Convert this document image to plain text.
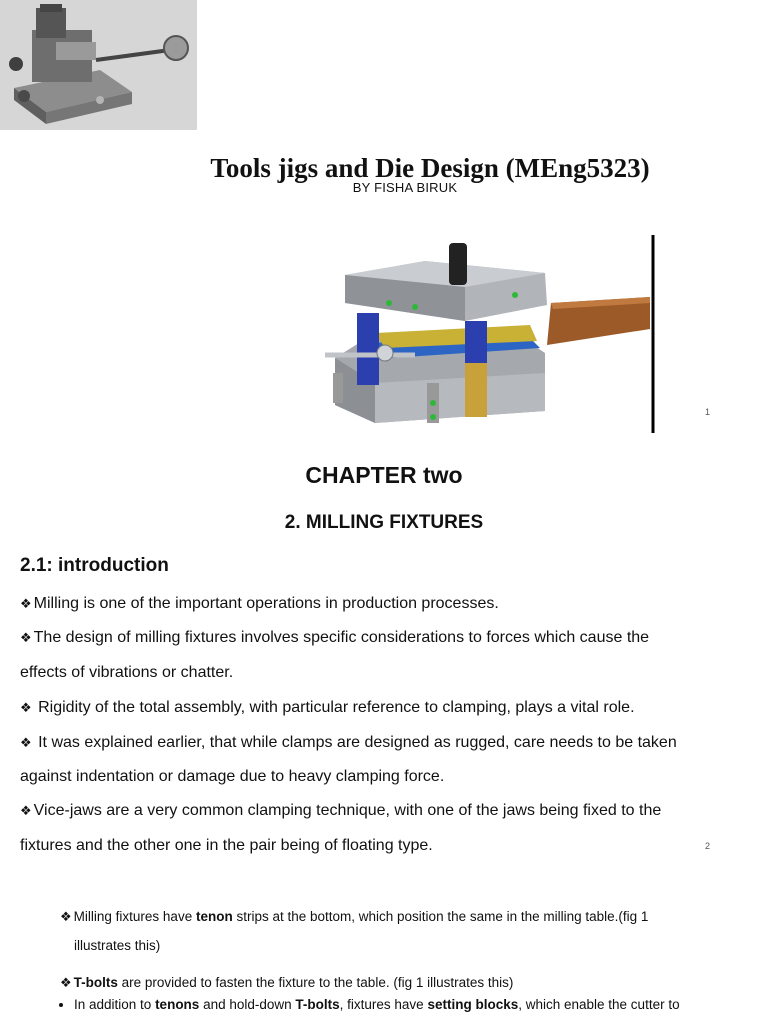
Tools jigs and Die Design (MEng5323)
BY FISHA BIRUK
1
CHAPTER two
2. MILLING FIXTURES
2.1: introduction
❖ Milling is one of the important operations in production processes.
❖ The design of milling fixtures involves specific considerations to forces which cause the
effects of vibrations or chatter.
❖ Rigidity of the total assembly, with particular reference to clamping, plays a vital role.
❖ It was explained earlier, that while clamps are designed as rugged, care needs to be taken
against indentation or damage due to heavy clamping force.
❖ Vice-jaws are a very common clamping technique, with one of the jaws being fixed to the
fixtures and the other one in the pair being of floating type.	2
❖ Milling fixtures have tenon strips at the bottom, which position the same in the milling table.(fig 1
illustrates this)
❖ T-bolts are provided to fasten the fixture to the table. (fig 1 illustrates this)
• In addition to tenons and hold-down T-bolts, fixtures have setting blocks, which enable the cutter to
